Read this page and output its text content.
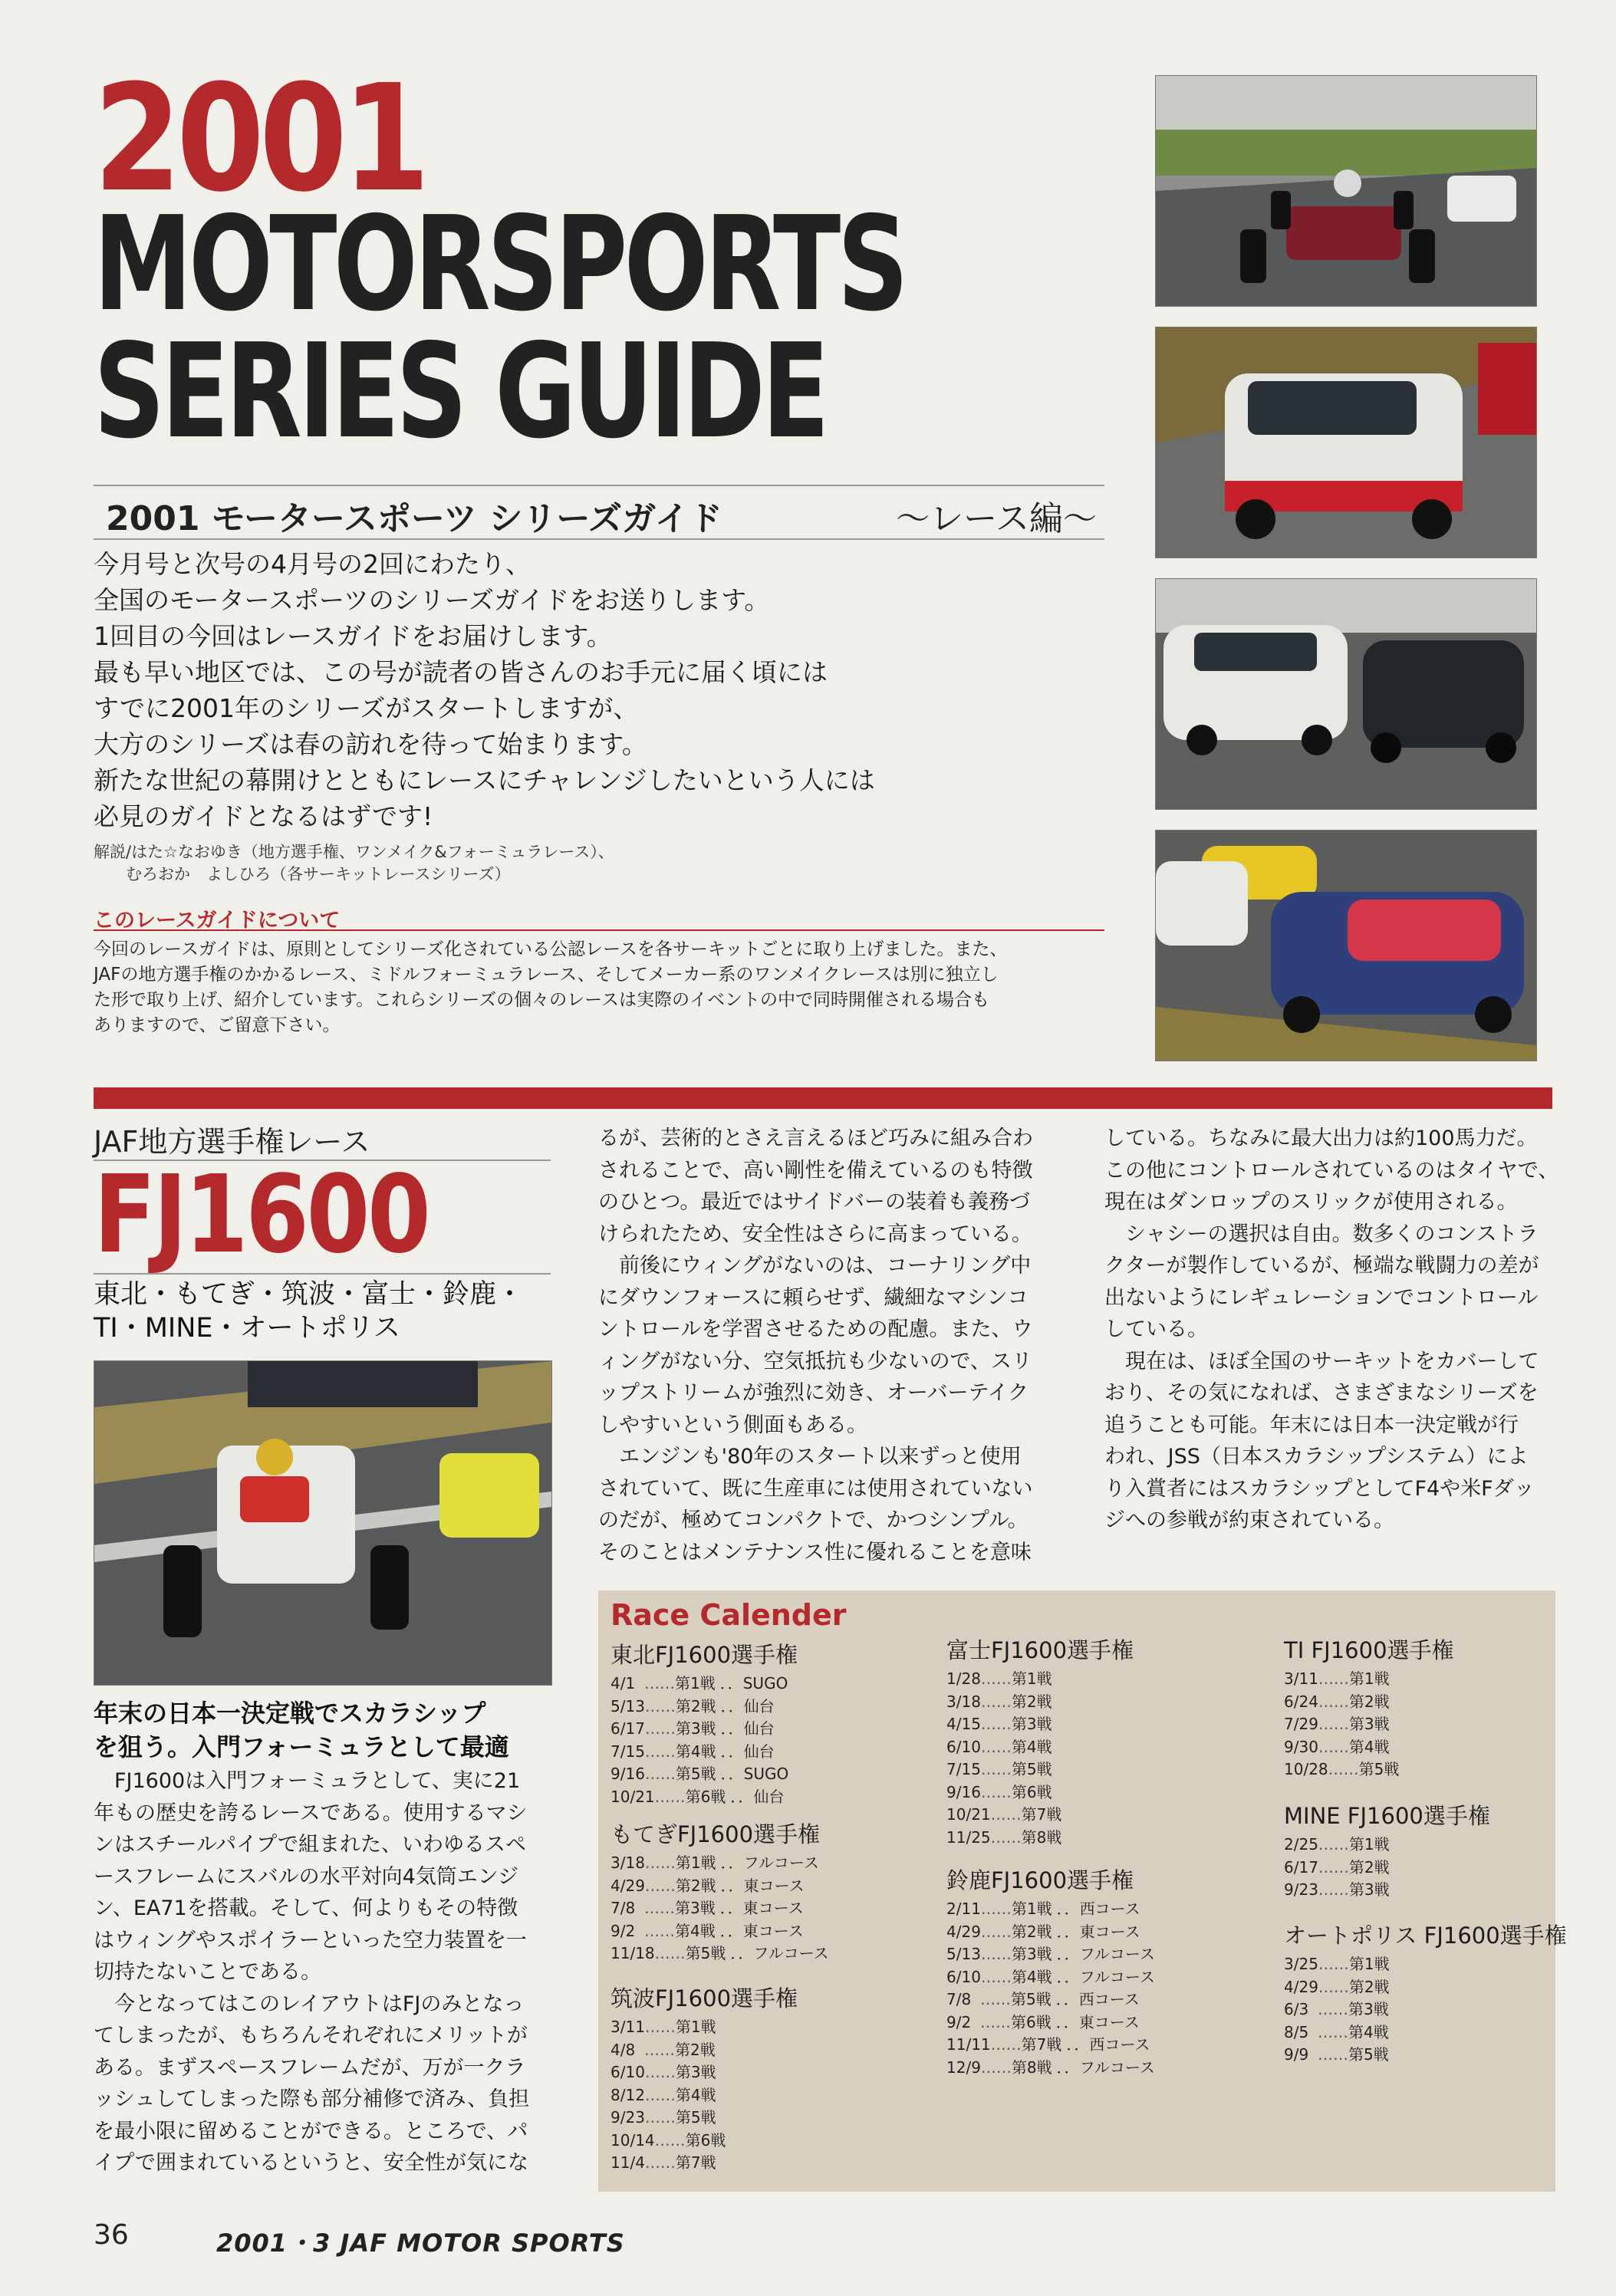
2001
MOTORSPORTS
SERIES GUIDE
2001 モータースポーツ シリーズガイド	～レース編～

今月号と次号の4月号の2回にわたり、

全国のモータースポーツのシリーズガイドをお送りします。

1回目の今回はレースガイドをお届けします。

最も早い地区では、この号が読者の皆さんのお手元に届く頃には

すでに2001年のシリーズがスタートしますが、

大方のシリーズは春の訪れを待って始まります。

新たな世紀の幕開けとともにレースにチャレンジしたいという人には

必見のガイドとなるはずです!

解説/はた☆なおゆき（地方選手権、ワンメイク&フォーミュラレース）、
　　むろおか　よしひろ（各サーキットレースシリーズ）
このレースガイドについて
今回のレースガイドは、原則としてシリーズ化されている公認レースを各サーキットごとに取り上げました。また、
JAFの地方選手権のかかるレース、ミドルフォーミュラレース、そしてメーカー系のワンメイクレースは別に独立し
た形で取り上げ、紹介しています。これらシリーズの個々のレースは実際のイベントの中で同時開催される場合も
ありますので、ご留意下さい。
JAF地方選手権レース
FJ1600
東北・もてぎ・筑波・富士・鈴鹿・
TI・MINE・オートポリス
年末の日本一決定戦でスカラシップ
を狙う。入門フォーミュラとして最適
　FJ1600は入門フォーミュラとして、実に21
年もの歴史を誇るレースである。使用するマシ
ンはスチールパイプで組まれた、いわゆるスペ
ースフレームにスバルの水平対向4気筒エンジ
ン、EA71を搭載。そして、何よりもその特徴
はウィングやスポイラーといった空力装置を一
切持たないことである。
　今となってはこのレイアウトはFJのみとなっ
てしまったが、もちろんそれぞれにメリットが
ある。まずスペースフレームだが、万が一クラ
ッシュしてしまった際も部分補修で済み、負担
を最小限に留めることができる。ところで、パ
イプで囲まれているというと、安全性が気にな
るが、芸術的とさえ言えるほど巧みに組み合わ
されることで、高い剛性を備えているのも特徴
のひとつ。最近ではサイドバーの装着も義務づ
けられたため、安全性はさらに高まっている。
　前後にウィングがないのは、コーナリング中
にダウンフォースに頼らせず、繊細なマシンコ
ントロールを学習させるための配慮。また、ウ
ィングがない分、空気抵抗も少ないので、スリ
ップストリームが強烈に効き、オーバーテイク
しやすいという側面もある。
　エンジンも'80年のスタート以来ずっと使用
されていて、既に生産車には使用されていない
のだが、極めてコンパクトで、かつシンプル。
そのことはメンテナンス性に優れることを意味
している。ちなみに最大出力は約100馬力だ。
この他にコントロールされているのはタイヤで、
現在はダンロップのスリックが使用される。
　シャシーの選択は自由。数多くのコンストラ
クターが製作しているが、極端な戦闘力の差が
出ないようにレギュレーションでコントロール
している。
　現在は、ほぼ全国のサーキットをカバーして
おり、その気になれば、さまざまなシリーズを
追うことも可能。年末には日本一決定戦が行
われ、JSS（日本スカラシップシステム）によ
り入賞者にはスカラシップとしてF4や米Fダッ
ジへの参戦が約束されている。
Race Calender
東北FJ1600選手権
4/1 ……第1戦 ．．SUGO
5/13……第2戦 ．．仙台
6/17……第3戦 ．．仙台
7/15……第4戦 ．．仙台
9/16……第5戦 ．．SUGO
10/21……第6戦 ．．仙台
もてぎFJ1600選手権
3/18……第1戦 ．．フルコース
4/29……第2戦 ．．東コース
7/8 ……第3戦 ．．東コース
9/2 ……第4戦 ．．東コース
11/18……第5戦 ．．フルコース
筑波FJ1600選手権
3/11……第1戦
4/8 ……第2戦
6/10……第3戦
8/12……第4戦
9/23……第5戦
10/14……第6戦
11/4……第7戦
富士FJ1600選手権
1/28……第1戦
3/18……第2戦
4/15……第3戦
6/10……第4戦
7/15……第5戦
9/16……第6戦
10/21……第7戦
11/25……第8戦
鈴鹿FJ1600選手権
2/11……第1戦 ．．西コース
4/29……第2戦 ．．東コース
5/13……第3戦 ．．フルコース
6/10……第4戦 ．．フルコース
7/8 ……第5戦 ．．西コース
9/2 ……第6戦 ．．東コース
11/11……第7戦 ．．西コース
12/9……第8戦 ．．フルコース
TI FJ1600選手権
3/11……第1戦
6/24……第2戦
7/29……第3戦
9/30……第4戦
10/28……第5戦
MINE FJ1600選手権
2/25……第1戦
6/17……第2戦
9/23……第3戦
オートポリス FJ1600選手権
3/25……第1戦
4/29……第2戦
6/3 ……第3戦
8/5 ……第4戦
9/9 ……第5戦
36	2001・3 JAF MOTOR SPORTS
